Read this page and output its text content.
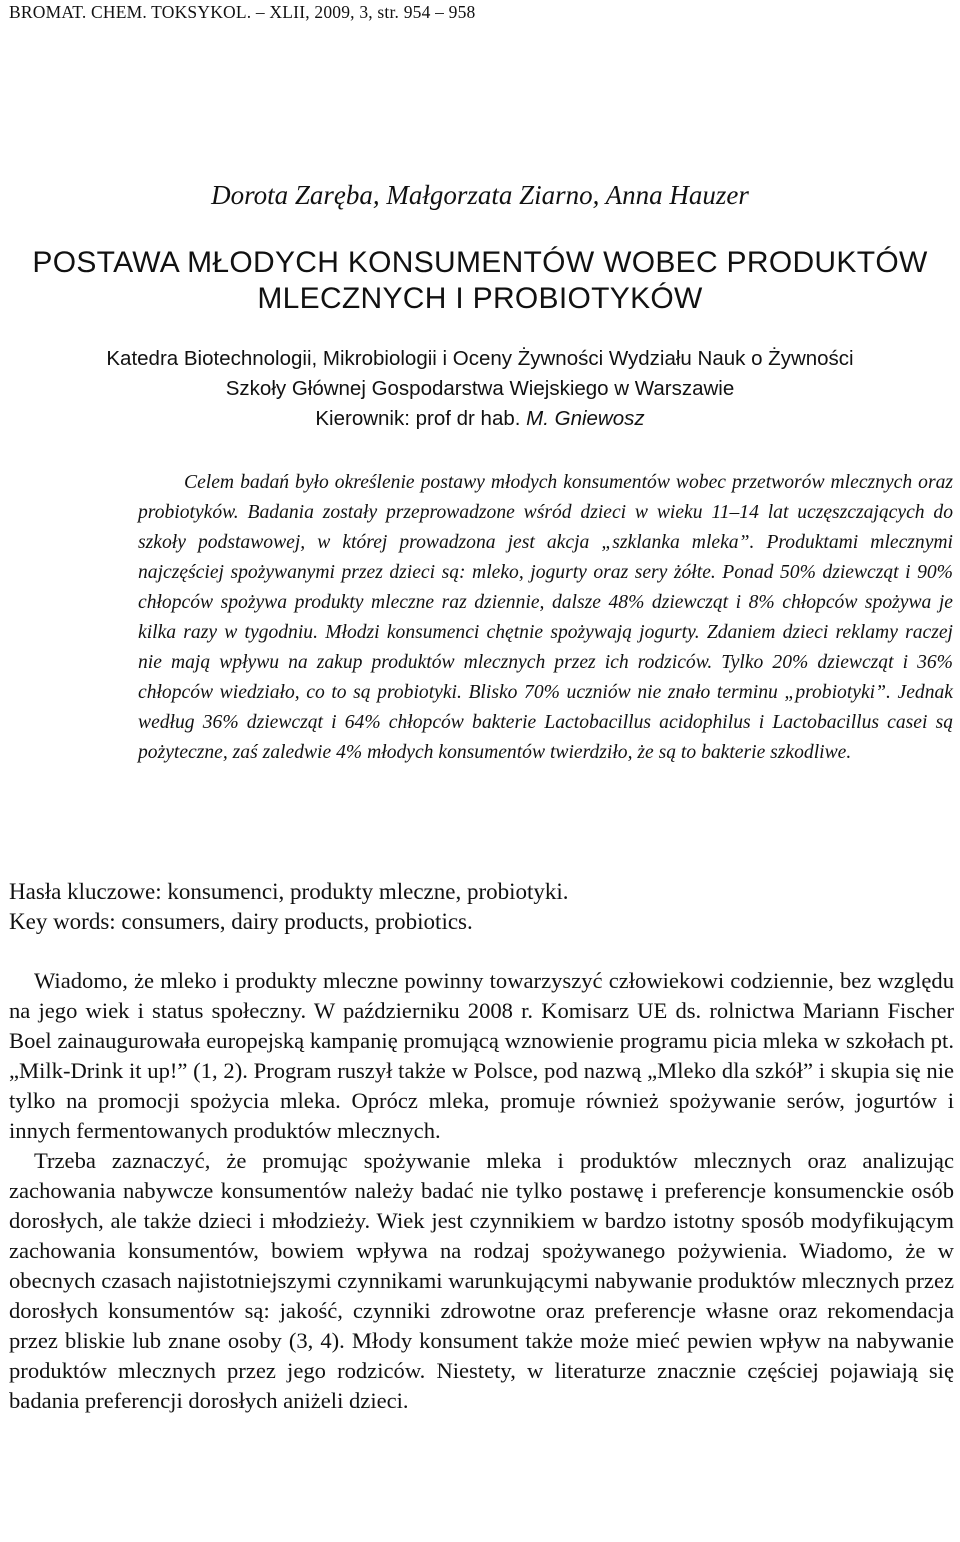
BROMAT. CHEM. TOKSYKOL. – XLII, 2009, 3, str. 954 – 958
Dorota Zaręba, Małgorzata Ziarno, Anna Hauzer
POSTAWA MŁODYCH KONSUMENTÓW WOBEC PRODUKTÓW
MLECZNYCH I PROBIOTYKÓW
Katedra Biotechnologii, Mikrobiologii i Oceny Żywności Wydziału Nauk o Żywności
Szkoły Głównej Gospodarstwa Wiejskiego w Warszawie
Kierownik: prof dr hab. M. Gniewosz

Celem badań było określenie postawy młodych konsumentów wobec przetworów mlecznych oraz probiotyków. Badania zostały przeprowadzone wśród dzieci w wieku 11–14 lat uczęszczających do szkoły podstawowej, w której prowadzona jest akcja „szklanka mleka”. Produktami mlecznymi najczęściej spożywanymi przez dzieci są: mleko, jogurty oraz sery żółte. Ponad 50% dziewcząt i 90% chłopców spożywa produkty mleczne raz dziennie, dalsze 48% dziewcząt i 8% chłopców spożywa je kilka razy w tygodniu. Młodzi konsumenci chętnie spożywają jogurty. Zdaniem dzieci reklamy raczej nie mają wpływu na zakup produktów mlecznych przez ich rodziców. Tylko 20% dziewcząt i 36% chłopców wiedziało, co to są probiotyki. Blisko 70% uczniów nie znało terminu „probiotyki”. Jednak według 36% dziewcząt i 64% chłopców bakterie Lactobacillus acidophilus i Lactobacillus casei są pożyteczne, zaś zaledwie 4% młodych konsumentów twierdziło, że są to bakterie szkodliwe.

Hasła kluczowe: konsumenci, produkty mleczne, probiotyki.
Key words: consumers, dairy products, probiotics.

Wiadomo, że mleko i produkty mleczne powinny towarzyszyć człowiekowi codziennie, bez względu na jego wiek i status społeczny. W październiku 2008 r. Komisarz UE ds. rolnictwa Mariann Fischer Boel zainaugurowała europejską kampanię promującą wznowienie programu picia mleka w szkołach pt. „Milk-Drink it up!” (1, 2). Program ruszył także w Polsce, pod nazwą „Mleko dla szkół” i skupia się nie tylko na promocji spożycia mleka. Oprócz mleka, promuje również spożywanie serów, jogurtów i innych fermentowanych produktów mlecznych.

Trzeba zaznaczyć, że promując spożywanie mleka i produktów mlecznych oraz analizując zachowania nabywcze konsumentów należy badać nie tylko postawę i preferencje konsumenckie osób dorosłych, ale także dzieci i młodzieży. Wiek jest czynnikiem w bardzo istotny sposób modyfikującym zachowania konsumentów, bowiem wpływa na rodzaj spożywanego pożywienia. Wiadomo, że w obecnych czasach najistotniejszymi czynnikami warunkującymi nabywanie produktów mlecznych przez dorosłych konsumentów są: jakość, czynniki zdrowotne oraz preferencje własne oraz rekomendacja przez bliskie lub znane osoby (3, 4). Młody konsument także może mieć pewien wpływ na nabywanie produktów mlecznych przez jego rodziców. Niestety, w literaturze znacznie częściej pojawiają się badania preferencji dorosłych aniżeli dzieci.
